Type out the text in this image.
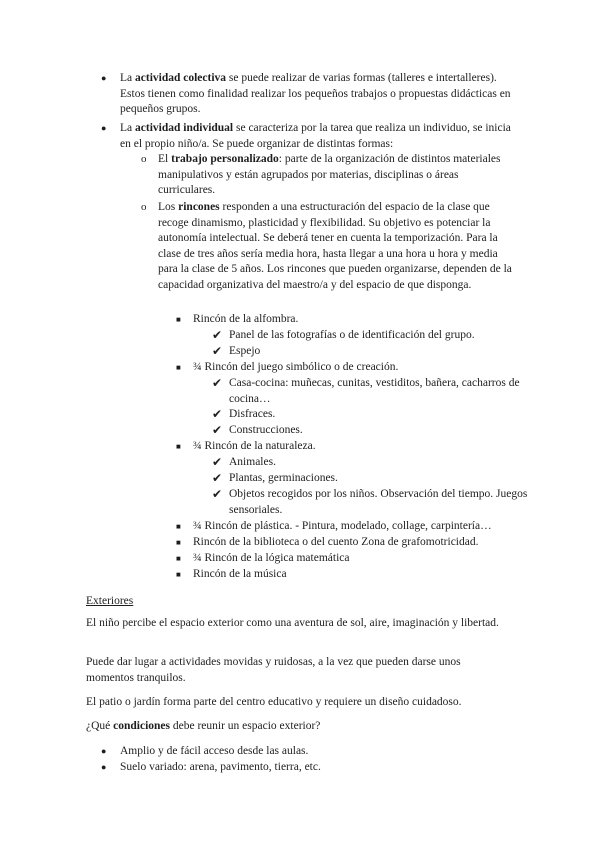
● La actividad colectiva se puede realizar de varias formas (talleres e intertalleres). Estos tienen como finalidad realizar los pequeños trabajos o propuestas didácticas en pequeños grupos.
● La actividad individual se caracteriza por la tarea que realiza un individuo, se inicia en el propio niño/a. Se puede organizar de distintas formas:
o El trabajo personalizado: parte de la organización de distintos materiales manipulativos y están agrupados por materias, disciplinas o áreas curriculares.
o Los rincones responden a una estructuración del espacio de la clase que recoge dinamismo, plasticidad y flexibilidad. Su objetivo es potenciar la autonomía intelectual. Se deberá tener en cuenta la temporización. Para la clase de tres años sería media hora, hasta llegar a una hora u hora y media para la clase de 5 años. Los rincones que pueden organizarse, dependen de la capacidad organizativa del maestro/a y del espacio de que disponga.
■ Rincón de la alfombra.
✔ Panel de las fotografías o de identificación del grupo.
✔ Espejo
■ ¾ Rincón del juego simbólico o de creación.
✔ Casa-cocina: muñecas, cunitas, vestiditos, bañera, cacharros de cocina…
✔ Disfraces.
✔ Construcciones.
■ ¾ Rincón de la naturaleza.
✔ Animales.
✔ Plantas, germinaciones.
✔ Objetos recogidos por los niños. Observación del tiempo. Juegos sensoriales.
■ ¾ Rincón de plástica. - Pintura, modelado, collage, carpintería…
■ Rincón de la biblioteca o del cuento Zona de grafomotricidad.
■ ¾ Rincón de la lógica matemática
■ Rincón de la música
Exteriores
El niño percibe el espacio exterior como una aventura de sol, aire, imaginación y libertad.
Puede dar lugar a actividades movidas y ruidosas, a la vez que pueden darse unos momentos tranquilos.
El patio o jardín forma parte del centro educativo y requiere un diseño cuidadoso.
¿Qué condiciones debe reunir un espacio exterior?
● Amplio y de fácil acceso desde las aulas.
● Suelo variado: arena, pavimento, tierra, etc.
